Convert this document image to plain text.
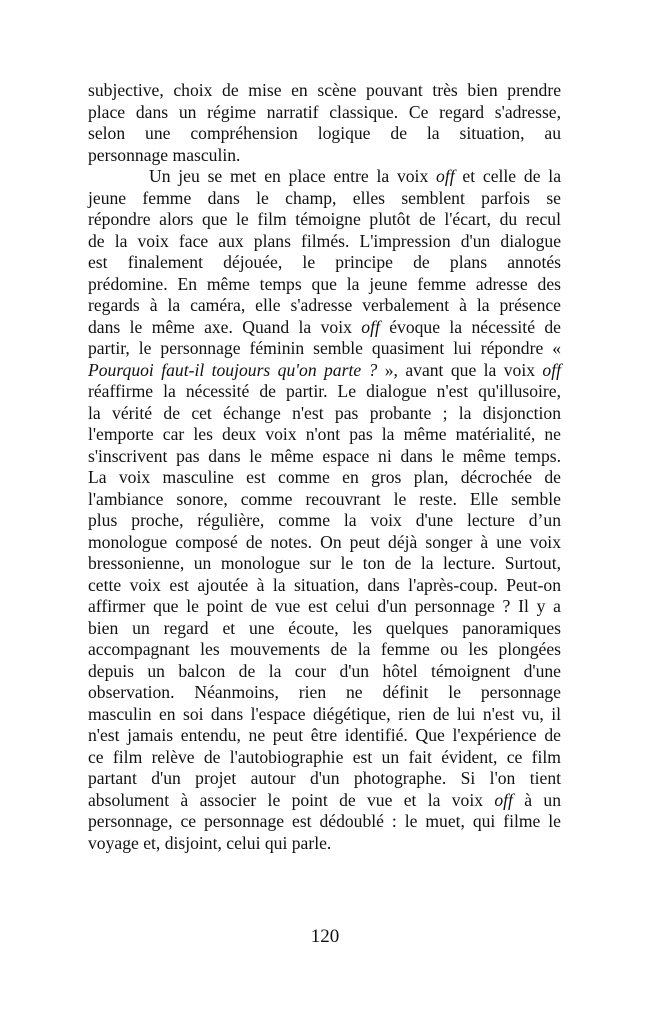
subjective, choix de mise en scène pouvant très bien prendre
place dans un régime narratif classique. Ce regard s'adresse,
selon une compréhension logique de la situation, au
personnage masculin.
Un jeu se met en place entre la voix off et celle de la
jeune femme dans le champ, elles semblent parfois se
répondre alors que le film témoigne plutôt de l'écart, du recul
de la voix face aux plans filmés. L'impression d'un dialogue
est finalement déjouée, le principe de plans annotés
prédomine. En même temps que la jeune femme adresse des
regards à la caméra, elle s'adresse verbalement à la présence
dans le même axe. Quand la voix off évoque la nécessité de
partir, le personnage féminin semble quasiment lui répondre «
Pourquoi faut-il toujours qu'on parte ? », avant que la voix off
réaffirme la nécessité de partir. Le dialogue n'est qu'illusoire,
la vérité de cet échange n'est pas probante ; la disjonction
l'emporte car les deux voix n'ont pas la même matérialité, ne
s'inscrivent pas dans le même espace ni dans le même temps.
La voix masculine est comme en gros plan, décrochée de
l'ambiance sonore, comme recouvrant le reste. Elle semble
plus proche, régulière, comme la voix d'une lecture d’un
monologue composé de notes. On peut déjà songer à une voix
bressonienne, un monologue sur le ton de la lecture. Surtout,
cette voix est ajoutée à la situation, dans l'après-coup. Peut-on
affirmer que le point de vue est celui d'un personnage ? Il y a
bien un regard et une écoute, les quelques panoramiques
accompagnant les mouvements de la femme ou les plongées
depuis un balcon de la cour d'un hôtel témoignent d'une
observation. Néanmoins, rien ne définit le personnage
masculin en soi dans l'espace diégétique, rien de lui n'est vu, il
n'est jamais entendu, ne peut être identifié. Que l'expérience de
ce film relève de l'autobiographie est un fait évident, ce film
partant d'un projet autour d'un photographe. Si l'on tient
absolument à associer le point de vue et la voix off à un
personnage, ce personnage est dédoublé : le muet, qui filme le
voyage et, disjoint, celui qui parle.
120
